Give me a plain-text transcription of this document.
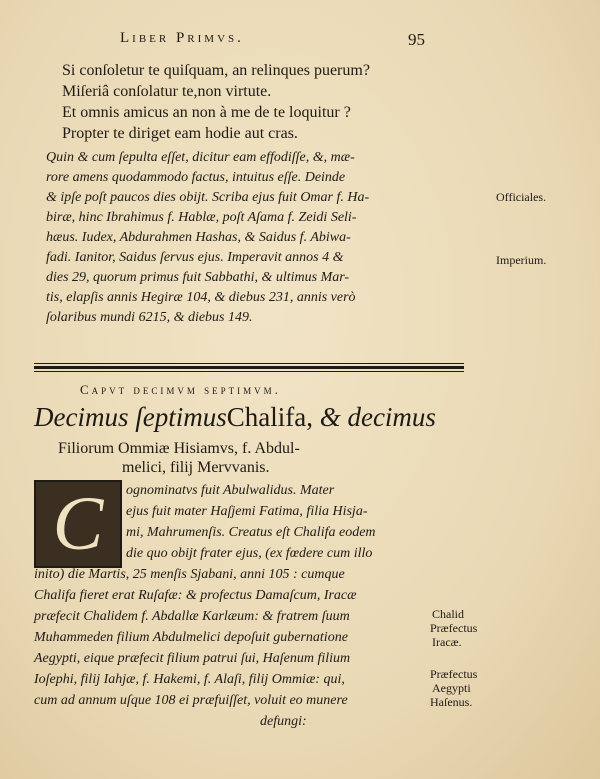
Liber Primvs.	95
Si conſoletur te quiſquam, an relinques puerum?
Miſeriâ conſolatur te,non virtute.
Et omnis amicus an non à me de te loquitur ?
Propter te diriget eam hodie aut cras.
Quin & cum ſepulta eſſet, dicitur eam effodiſſe, &, mæ-
rore amens quodammodo factus, intuitus eſſe. Deinde
& ipſe poſt paucos dies obijt. Scriba ejus fuit Omar f. Ha-
biræ, hinc Ibrahimus f. Hablæ, poſt Aſama f. Zeidi Seli-
hæus. Iudex, Abdurahmen Hashas, & Saidus f. Abiwa-
fadi. Ianitor, Saidus ſervus ejus. Imperavit annos 4 &
dies 29, quorum primus fuit Sabbathi, & ultimus Mar-
tis, elapſis annis Hegiræ 104, & diebus 231, annis verò
ſolaribus mundi 6215, & diebus 149.
Officiales.
Imperium.
Capvt decimvm septimvm.
Decimus ſeptimusChalifa, & decimus
Filiorum Ommiæ Hisiamvs, f. Abdul-
melici, filij Mervvanis.
C	ognominatvs fuit Abulwalidus. Mater
ejus fuit mater Haſjemi Fatima, filia Hisja-
mi, Mahrumenſis. Creatus eſt Chalifa eodem
die quo obijt frater ejus, (ex fœdere cum illo
inito) die Martis, 25 menſis Sjabani, anni 105 : cumque
Chalifa fieret erat Ruſafæ: & profectus Damaſcum, Iracæ
præfecit Chalidem f. Abdallæ Karlæum: & fratrem ſuum
Muhammeden filium Abdulmelici depoſuit gubernatione
Aegypti, eique præfecit filium patrui ſui, Haſenum filium
Ioſephi, filij Iahjæ, f. Hakemi, f. Alaſi, filij Ommiæ: qui,
cum ad annum uſque 108 ei præfuiſſet, voluit eo munere
defungi:
Chalid
Præfectus
Iracæ.
Præfectus
Aegypti
Haſenus.
